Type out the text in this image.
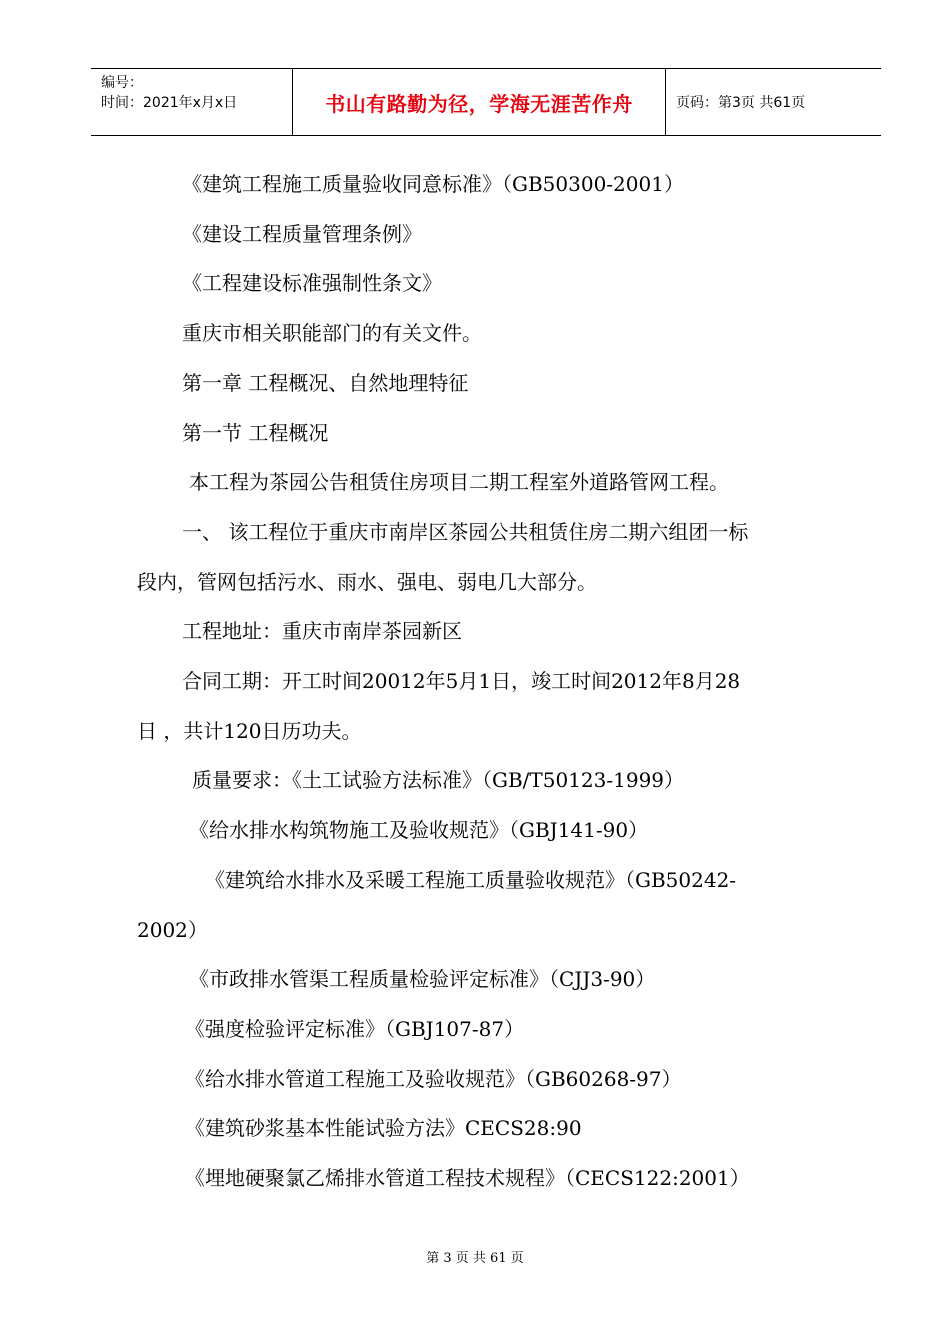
编号：
时间：2021年x月x日	书山有路勤为径，学海无涯苦作舟	页码：第3页 共61页

《建筑工程施工质量验收同意标准》（GB50300-2001）

《建设工程质量管理条例》

《工程建设标准强制性条文》

重庆市相关职能部门的有关文件。

第一章 工程概况、自然地理特征

第一节 工程概况

本工程为茶园公告租赁住房项目二期工程室外道路管网工程。

一、 该工程位于重庆市南岸区茶园公共租赁住房二期六组团一标

段内，管网包括污水、雨水、强电、弱电几大部分。

工程地址：重庆市南岸茶园新区

合同工期：开工时间20012年5月1日，竣工时间2012年8月28

日 ，共计120日历功夫。

质量要求：《土工试验方法标准》（GB/T50123-1999）

《给水排水构筑物施工及验收规范》（GBJ141-90）

《建筑给水排水及采暖工程施工质量验收规范》（GB50242-

2002）

《市政排水管渠工程质量检验评定标准》（CJJ3-90）

《强度检验评定标准》（GBJ107-87）

《给水排水管道工程施工及验收规范》（GB60268-97）

《建筑砂浆基本性能试验方法》CECS28:90

《埋地硬聚氯乙烯排水管道工程技术规程》（CECS122:2001）

第 3 页 共 61 页
